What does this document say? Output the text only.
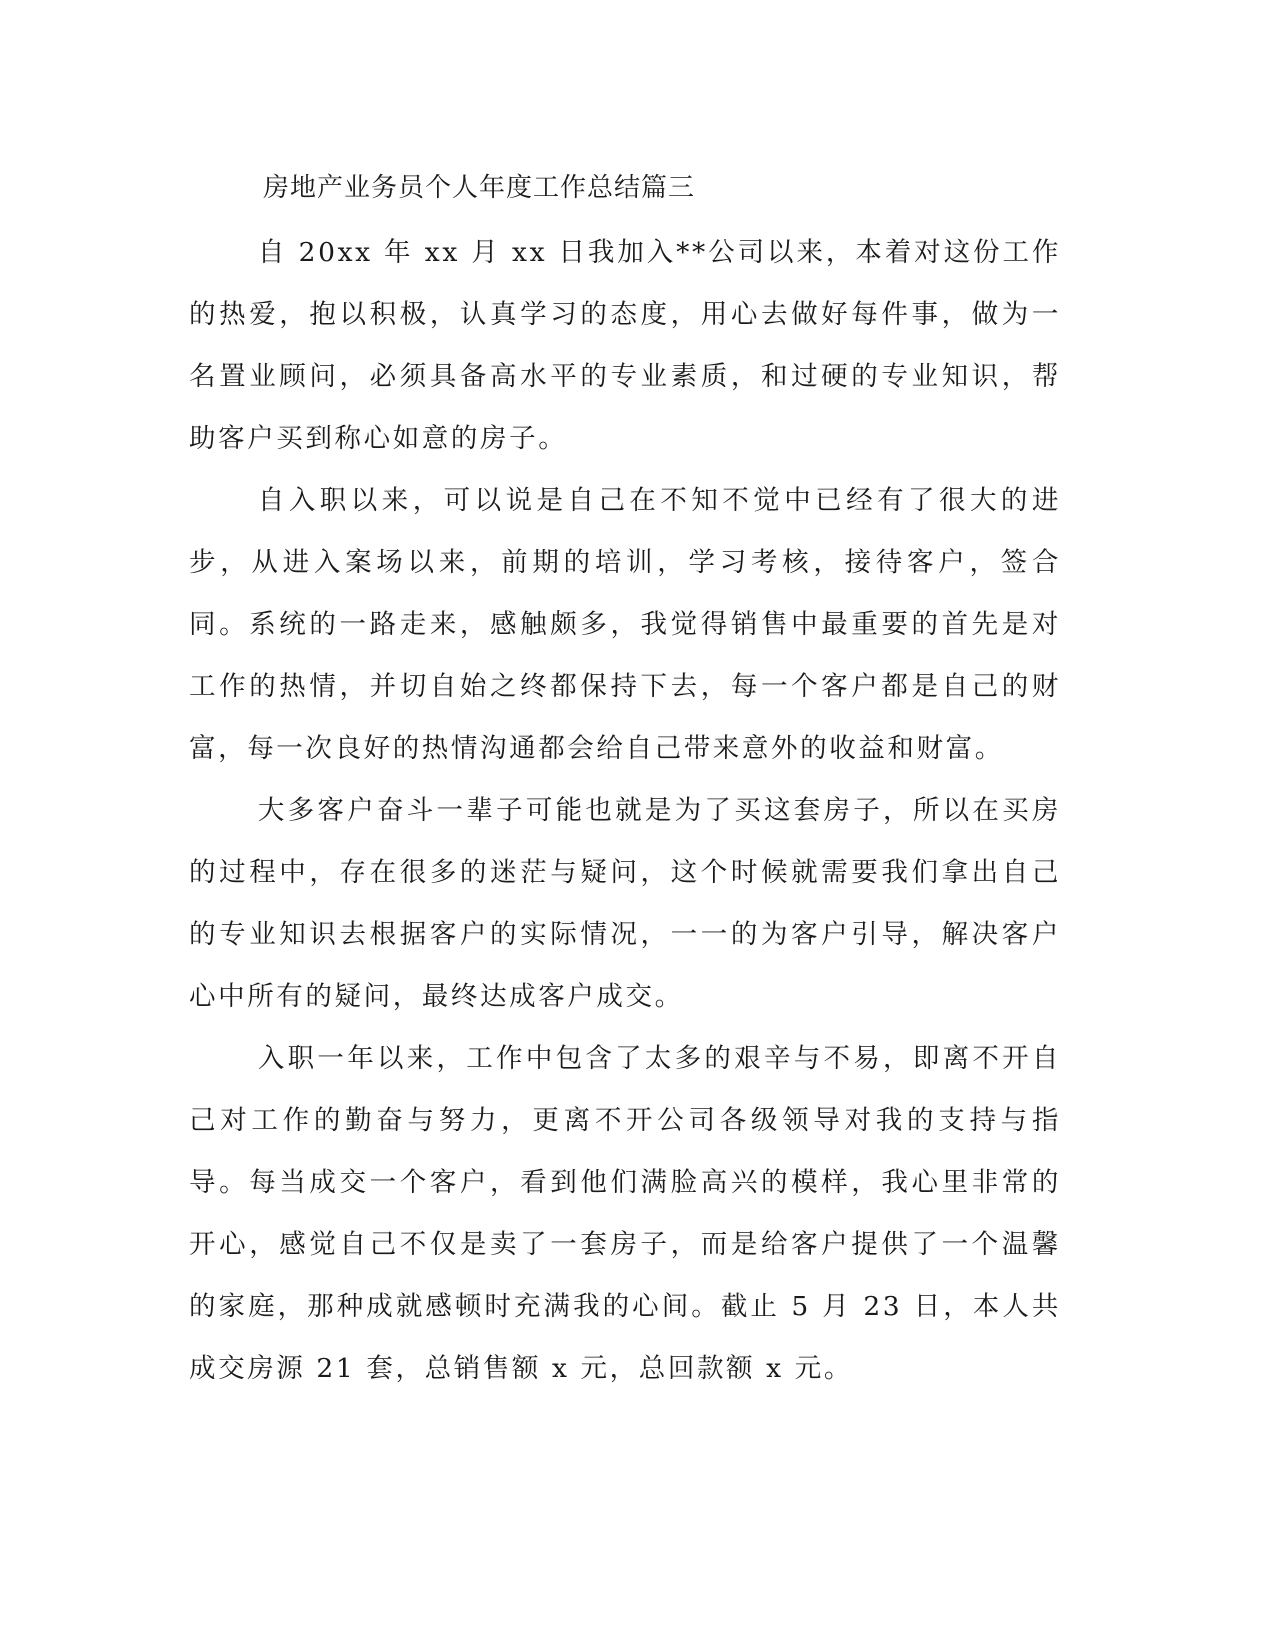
房地产业务员个人年度工作总结篇三

自 20xx 年 xx 月 xx 日我加入**公司以来，本着对这份工作的热爱，抱以积极，认真学习的态度，用心去做好每件事，做为一名置业顾问，必须具备高水平的专业素质，和过硬的专业知识，帮助客户买到称心如意的房子。

自入职以来，可以说是自己在不知不觉中已经有了很大的进步，从进入案场以来，前期的培训，学习考核，接待客户，签合同。系统的一路走来，感触颇多，我觉得销售中最重要的首先是对工作的热情，并切自始之终都保持下去，每一个客户都是自己的财富，每一次良好的热情沟通都会给自己带来意外的收益和财富。

大多客户奋斗一辈子可能也就是为了买这套房子，所以在买房的过程中，存在很多的迷茫与疑问，这个时候就需要我们拿出自己的专业知识去根据客户的实际情况，一一的为客户引导，解决客户心中所有的疑问，最终达成客户成交。

入职一年以来，工作中包含了太多的艰辛与不易，即离不开自己对工作的勤奋与努力，更离不开公司各级领导对我的支持与指导。每当成交一个客户，看到他们满脸高兴的模样，我心里非常的开心，感觉自己不仅是卖了一套房子，而是给客户提供了一个温馨的家庭，那种成就感顿时充满我的心间。截止 5 月 23 日，本人共成交房源 21 套，总销售额 x 元，总回款额 x 元。
